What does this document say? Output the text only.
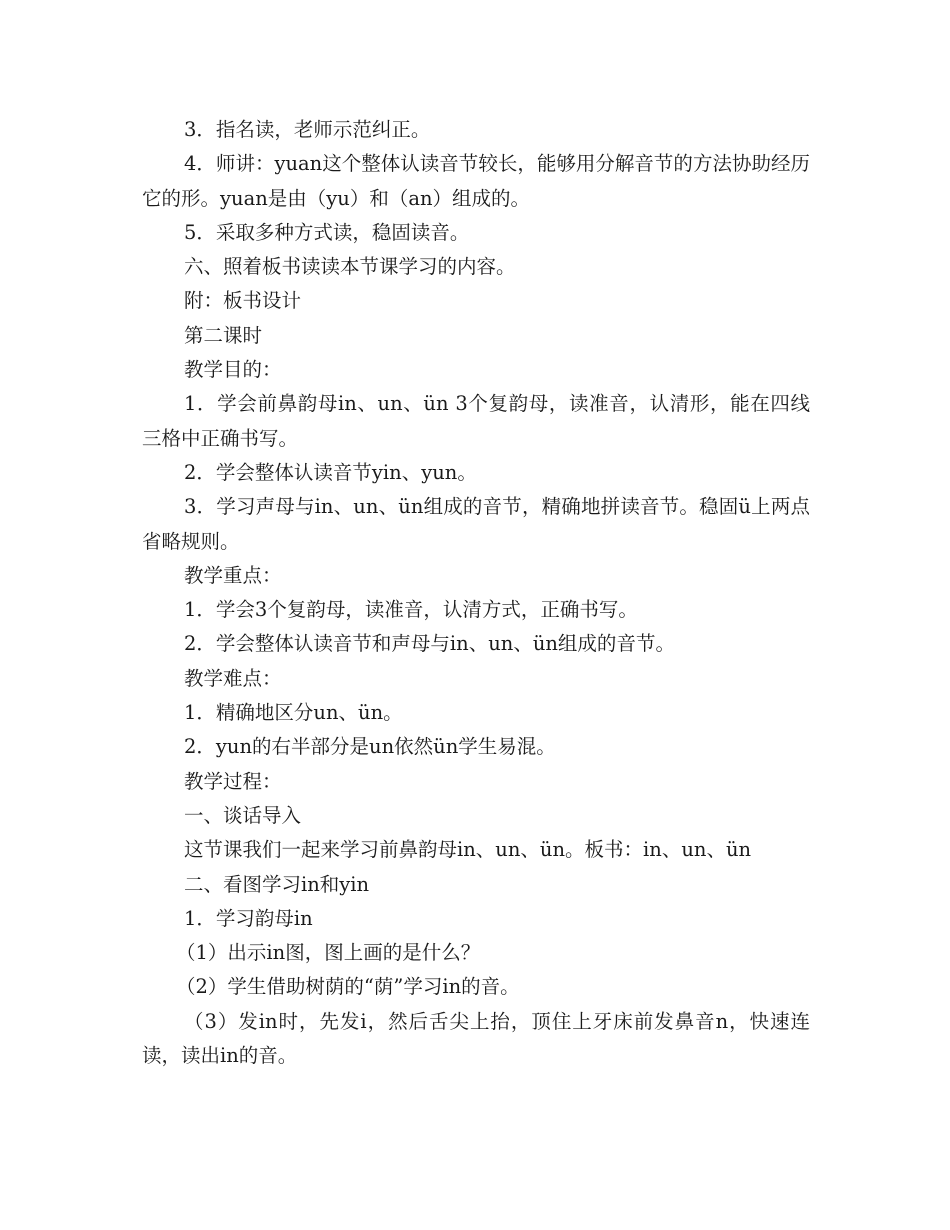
3．指名读，老师示范纠正。

4．师讲：yuan这个整体认读音节较长，能够用分解音节的方法协助经历它的形。yuan是由（yu）和（an）组成的。

5．采取多种方式读，稳固读音。

六、照着板书读读本节课学习的内容。

附：板书设计

第二课时

教学目的：

1．学会前鼻韵母in、un、ün 3个复韵母，读准音，认清形，能在四线三格中正确书写。

2．学会整体认读音节yin、yun。

3．学习声母与in、un、ün组成的音节，精确地拼读音节。稳固ü上两点省略规则。

教学重点：

1．学会3个复韵母，读准音，认清方式，正确书写。

2．学会整体认读音节和声母与in、un、ün组成的音节。

教学难点：

1．精确地区分un、ün。

2．yun的右半部分是un依然ün学生易混。

教学过程：

一、谈话导入

这节课我们一起来学习前鼻韵母in、un、ün。板书：in、un、ün

二、看图学习in和yin

1．学习韵母in

（1）出示in图，图上画的是什么？

（2）学生借助树荫的“荫”学习in的音。

（3）发in时，先发i，然后舌尖上抬，顶住上牙床前发鼻音n，快速连读，读出in的音。
